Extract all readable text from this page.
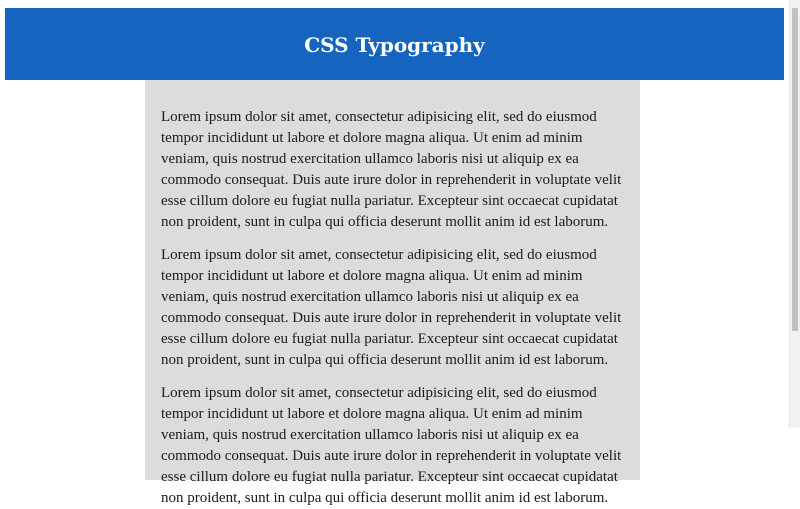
CSS Typography

Lorem ipsum dolor sit amet, consectetur adipisicing elit, sed do eiusmod tempor incididunt ut labore et dolore magna aliqua. Ut enim ad minim veniam, quis nostrud exercitation ullamco laboris nisi ut aliquip ex ea commodo consequat. Duis aute irure dolor in reprehenderit in voluptate velit esse cillum dolore eu fugiat nulla pariatur. Excepteur sint occaecat cupidatat non proident, sunt in culpa qui officia deserunt mollit anim id est laborum.

Lorem ipsum dolor sit amet, consectetur adipisicing elit, sed do eiusmod tempor incididunt ut labore et dolore magna aliqua. Ut enim ad minim veniam, quis nostrud exercitation ullamco laboris nisi ut aliquip ex ea commodo consequat. Duis aute irure dolor in reprehenderit in voluptate velit esse cillum dolore eu fugiat nulla pariatur. Excepteur sint occaecat cupidatat non proident, sunt in culpa qui officia deserunt mollit anim id est laborum.

Lorem ipsum dolor sit amet, consectetur adipisicing elit, sed do eiusmod tempor incididunt ut labore et dolore magna aliqua. Ut enim ad minim veniam, quis nostrud exercitation ullamco laboris nisi ut aliquip ex ea commodo consequat. Duis aute irure dolor in reprehenderit in voluptate velit esse cillum dolore eu fugiat nulla pariatur. Excepteur sint occaecat cupidatat non proident, sunt in culpa qui officia deserunt mollit anim id est laborum.
